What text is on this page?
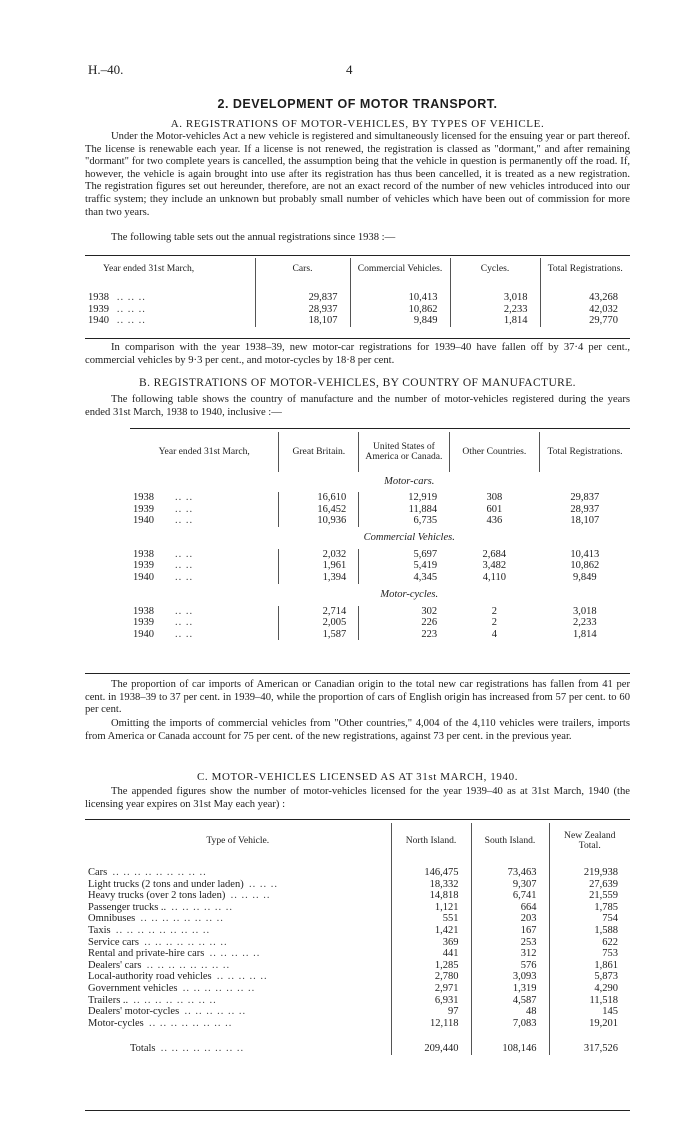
H.–40.	4
2. DEVELOPMENT OF MOTOR TRANSPORT.
A. REGISTRATIONS OF MOTOR-VEHICLES, BY TYPES OF VEHICLE.

Under the Motor-vehicles Act a new vehicle is registered and simultaneously licensed for the ensuing year or part thereof. The license is renewable each year. If a license is not renewed, the registration is classed as "dormant," and after remaining "dormant" for two complete years is cancelled, the assumption being that the vehicle in question is permanently off the road. If, however, the vehicle is again brought into use after its registration has thus been cancelled, it is treated as a new registration. The registration figures set out hereunder, therefore, are not an exact record of the number of new vehicles introduced into our traffic system; they include an unknown but probably small number of vehicles which have been out of commission for more than two years.

The following table sets out the annual registrations since 1938 :—

Year ended 31st March,	Cars.	Commercial Vehicles.	Cycles.	Total Registrations.

1938 .. .. ..	29,837	10,413	3,018	43,268
1939 .. .. ..	28,937	10,862	2,233	42,032
1940 .. .. ..	18,107	9,849	1,814	29,770

In comparison with the year 1938–39, new motor-car registrations for 1939–40 have fallen off by 37·4 per cent., commercial vehicles by 9·3 per cent., and motor-cycles by 18·8 per cent.

B. REGISTRATIONS OF MOTOR-VEHICLES, BY COUNTRY OF MANUFACTURE.

The following table shows the country of manufacture and the number of motor-vehicles registered during the years ended 31st March, 1938 to 1940, inclusive :—

Year ended 31st March,	Great Britain.	United States of America or Canada.	Other Countries.	Total Registrations.
	Motor-cars.			
1938 .. ..	16,610	12,919	308	29,837
1939 .. ..	16,452	11,884	601	28,937
1940 .. ..	10,936	6,735	436	18,107
	Commercial Vehicles.			
1938 .. ..	2,032	5,697	2,684	10,413
1939 .. ..	1,961	5,419	3,482	10,862
1940 .. ..	1,394	4,345	4,110	9,849
	Motor-cycles.			
1938 .. ..	2,714	302	2	3,018
1939 .. ..	2,005	226	2	2,233
1940 .. ..	1,587	223	4	1,814

The proportion of car imports of American or Canadian origin to the total new car registrations has fallen from 41 per cent. in 1938–39 to 37 per cent. in 1939–40, while the proportion of cars of English origin has increased from 57 per cent. to 60 per cent.

Omitting the imports of commercial vehicles from "Other countries," 4,004 of the 4,110 vehicles were trailers, imports from America or Canada account for 75 per cent. of the new registrations, against 73 per cent. in the previous year.

C. MOTOR-VEHICLES LICENSED AS AT 31st MARCH, 1940.

The appended figures show the number of motor-vehicles licensed for the year 1939–40 as at 31st March, 1940 (the licensing year expires on 31st May each year) :

Type of Vehicle.	North Island.	South Island.	New Zealand Total.

Cars .. .. .. .. .. .. .. .. ..	146,475	73,463	219,938
Light trucks (2 tons and under laden) .. .. ..	18,332	9,307	27,639
Heavy trucks (over 2 tons laden) .. .. .. ..	14,818	6,741	21,559
Passenger trucks .. .. .. .. .. .. ..	1,121	664	1,785
Omnibuses .. .. .. .. .. .. .. ..	551	203	754
Taxis .. .. .. .. .. .. .. .. ..	1,421	167	1,588
Service cars .. .. .. .. .. .. .. ..	369	253	622
Rental and private-hire cars .. .. .. .. ..	441	312	753
Dealers' cars .. .. .. .. .. .. .. ..	1,285	576	1,861
Local-authority road vehicles .. .. .. .. ..	2,780	3,093	5,873
Government vehicles .. .. .. .. .. .. ..	2,971	1,319	4,290
Trailers .. .. .. .. .. .. .. .. ..	6,931	4,587	11,518
Dealers' motor-cycles .. .. .. .. .. ..	97	48	145
Motor-cycles .. .. .. .. .. .. .. ..	12,118	7,083	19,201

Totals .. .. .. .. .. .. .. ..	209,440	108,146	317,526
